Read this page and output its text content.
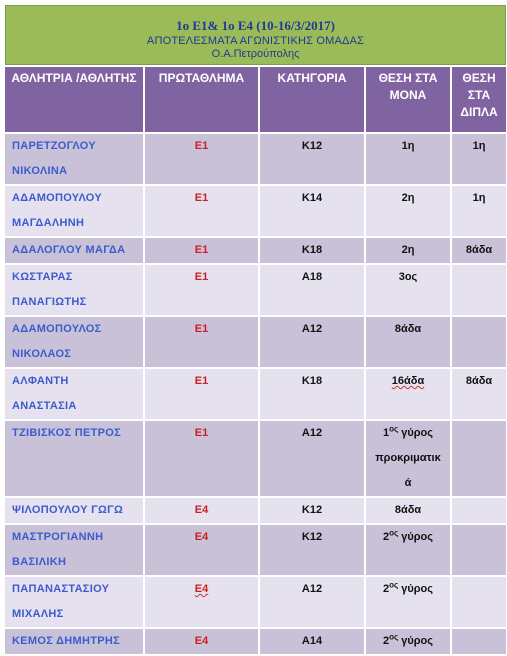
1o E1& 1o E4 (10-16/3/2017)
ΑΠΟΤΕΛΕΣΜΑΤΑ ΑΓΩΝΙΣΤΙΚΗΣ ΟΜΑΔΑΣ
Ο.Α.Πετρούπολης				

ΑΘΛΗΤΡΙΑ /ΑΘΛΗΤΗΣ	ΠΡΩΤΑΘΛΗΜΑ	ΚΑΤΗΓΟΡΙΑ	ΘΕΣΗ ΣΤΑ ΜΟΝΑ	ΘΕΣΗ ΣΤΑ ΔΙΠΛΑ
ΠΑΡΕΤΖΟΓΛΟΥ
ΝΙΚΟΛΙΝΑ	E1	K12	1η	1η
ΑΔΑΜΟΠΟΥΛΟΥ
ΜΑΓΔΑΛΗΝΗ	E1	K14	2η	1η
ΑΔΑΛΟΓΛΟΥ ΜΑΓΔΑ	E1	K18	2η	8άδα
ΚΩΣΤΑΡΑΣ
ΠΑΝΑΓΙΩΤΗΣ	E1	A18	3ος	
ΑΔΑΜΟΠΟΥΛΟΣ
ΝΙΚΟΛΑΟΣ	E1	A12	8άδα	
ΑΛΦΑΝΤΗ
ΑΝΑΣΤΑΣΙΑ	E1	K18	16άδα	8άδα
ΤΖΙΒΙΣΚΟΣ ΠΕΤΡΟΣ	E1	A12	$1^{o\varsigma}$ γύρος
προκριματικ
ά	
ΨΙΛΟΠΟΥΛΟΥ ΓΩΓΩ	E4	K12	8άδα	
ΜΑΣΤΡΟΓΙΑΝΝΗ
ΒΑΣΙΛΙΚΗ	E4	K12	$2^{o\varsigma}$ γύρος	
ΠΑΠΑΝΑΣΤΑΣΙΟΥ
ΜΙΧΑΛΗΣ	E4	A12	$2^{o\varsigma}$ γύρος	
ΚΕΜΟΣ ΔΗΜΗΤΡΗΣ	E4	A14	$2^{o\varsigma}$ γύρος	
